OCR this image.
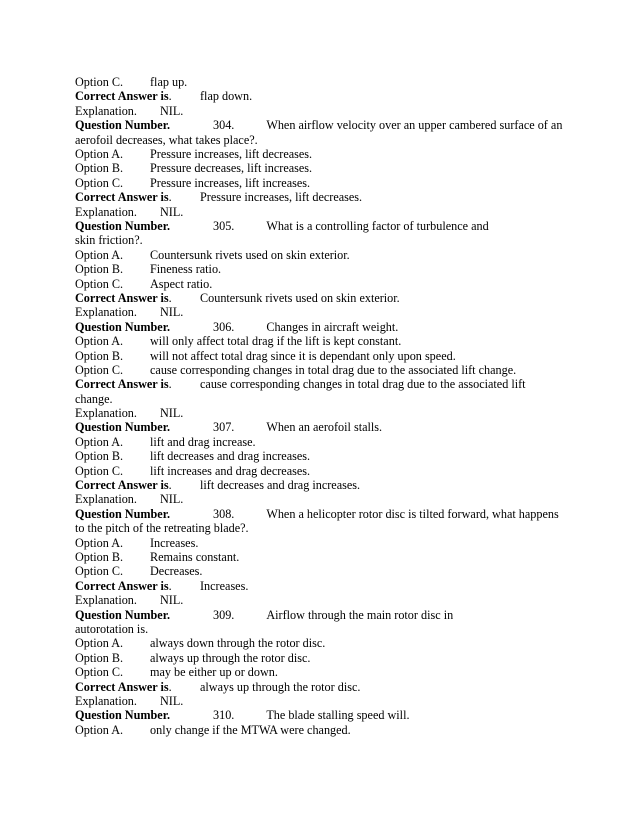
Option C. flap up.
Correct Answer is. flap down.
Explanation. NIL.
Question Number.	304.	When airflow velocity over an upper cambered surface of an aerofoil decreases, what takes place?.
Option A. Pressure increases, lift decreases.
Option B. Pressure decreases, lift increases.
Option C. Pressure increases, lift increases.
Correct Answer is. Pressure increases, lift decreases.
Explanation. NIL.
Question Number.	305.	What is a controlling factor of turbulence and skin friction?.
Option A. Countersunk rivets used on skin exterior.
Option B. Fineness ratio.
Option C. Aspect ratio.
Correct Answer is. Countersunk rivets used on skin exterior.
Explanation. NIL.
Question Number.	306.	Changes in aircraft weight.
Option A. will only affect total drag if the lift is kept constant.
Option B. will not affect total drag since it is dependant only upon speed.
Option C. cause corresponding changes in total drag due to the associated lift change.
Correct Answer is. cause corresponding changes in total drag due to the associated lift change.
Explanation. NIL.
Question Number.	307.	When an aerofoil stalls.
Option A. lift and drag increase.
Option B. lift decreases and drag increases.
Option C. lift increases and drag decreases.
Correct Answer is. lift decreases and drag increases.
Explanation. NIL.
Question Number.	308.	When a helicopter rotor disc is tilted forward, what happens to the pitch of the retreating blade?.
Option A. Increases.
Option B. Remains constant.
Option C. Decreases.
Correct Answer is. Increases.
Explanation. NIL.
Question Number.	309.	Airflow through the main rotor disc in autorotation is.
Option A. always down through the rotor disc.
Option B. always up through the rotor disc.
Option C. may be either up or down.
Correct Answer is. always up through the rotor disc.
Explanation. NIL.
Question Number.	310.	The blade stalling speed will.
Option A. only change if the MTWA were changed.
